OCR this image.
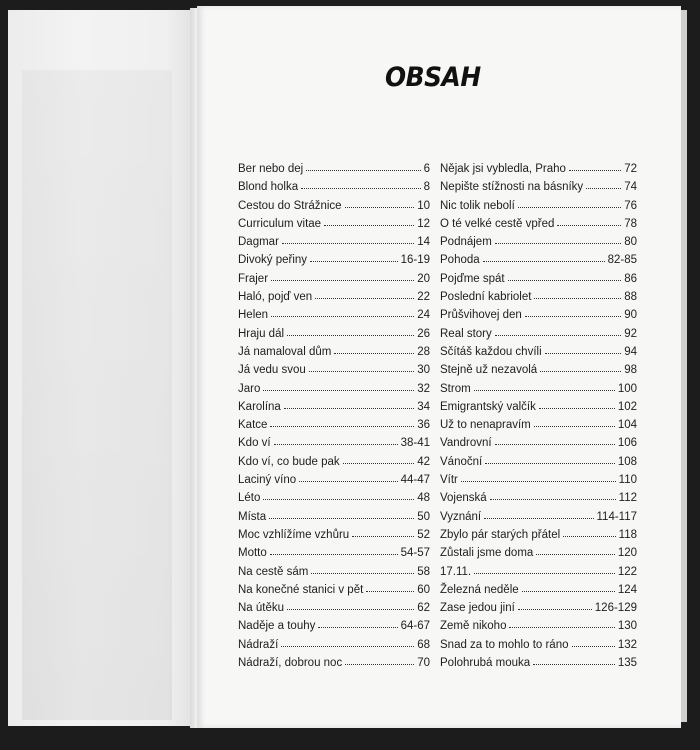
OBSAH
Ber nebo dej	6
Blond holka	8
Cestou do Strážnice	10
Curriculum vitae	12
Dagmar	14
Divoký peřiny	16-19
Frajer	20
Haló, pojď ven	22
Helen	24
Hraju dál	26
Já namaloval dům	28
Já vedu svou	30
Jaro	32
Karolína	34
Katce	36
Kdo ví	38-41
Kdo ví, co bude pak	42
Laciný víno	44-47
Léto	48
Místa	50
Moc vzhlížíme vzhůru	52
Motto	54-57
Na cestě sám	58
Na konečné stanici v pět	60
Na útěku	62
Naděje a touhy	64-67
Nádraží	68
Nádraží, dobrou noc	70
Nějak jsi vybledla, Praho	72
Nepište stížnosti na básníky	74
Nic tolik nebolí	76
O té velké cestě vpřed	78
Podnájem	80
Pohoda	82-85
Pojďme spát	86
Poslední kabriolet	88
Průšvihovej den	90
Real story	92
Sčítáš každou chvíli	94
Stejně už nezavolá	98
Strom	100
Emigrantský valčík	102
Už to nenapravím	104
Vandrovní	106
Vánoční	108
Vítr	110
Vojenská	112
Vyznání	114-117
Zbylo pár starých přátel	118
Zůstali jsme doma	120
17.11.	122
Železná neděle	124
Zase jedou jiní	126-129
Země nikoho	130
Snad za to mohlo to ráno	132
Polohrubá mouka	135
